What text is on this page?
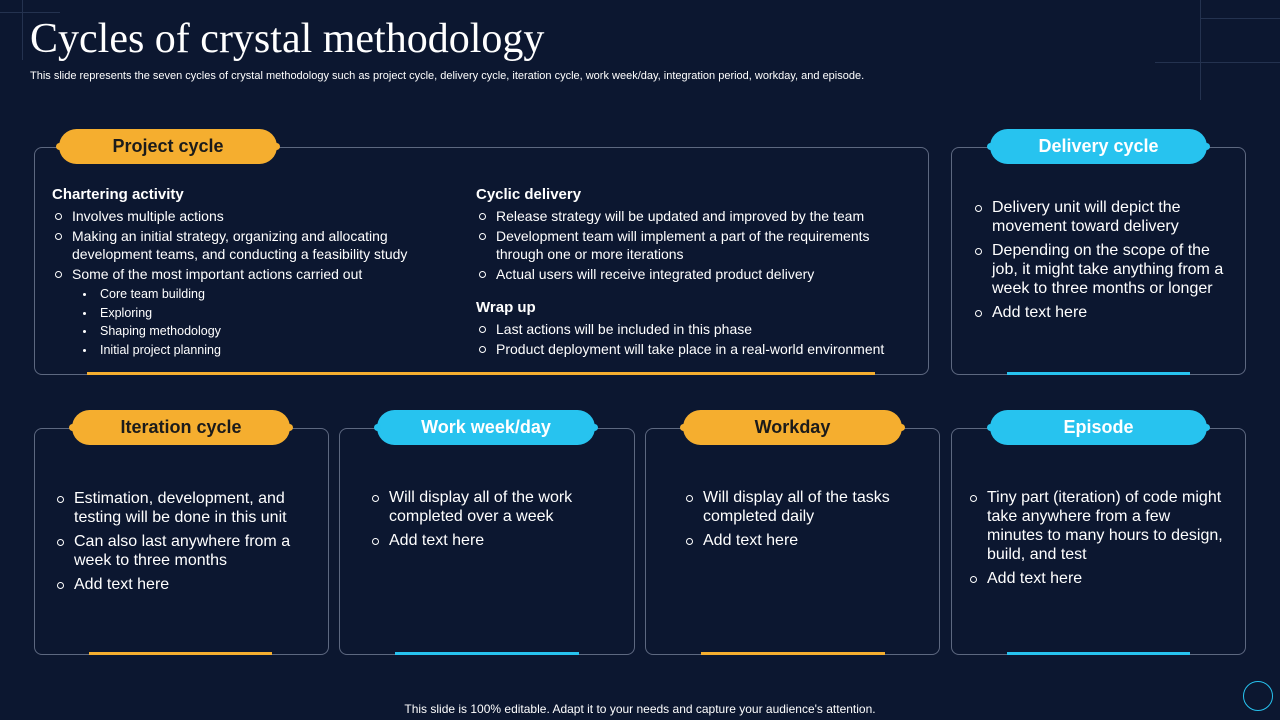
Cycles of crystal methodology

This slide represents the seven cycles of crystal methodology such as project cycle, delivery cycle, iteration cycle, work week/day, integration period, workday, and episode.

Project cycle

Chartering activity

Involves multiple actions
Making an initial strategy, organizing and allocating development teams, and conducting a feasibility study
Some of the most important actions carried out
Core team building
Exploring
Shaping methodology
Initial project planning

Cyclic delivery

Release strategy will be updated and improved by the team
Development team will implement a part of the requirements through one or more iterations
Actual users will receive integrated product delivery

Wrap up

Last actions will be included in this phase
Product deployment will take place in a real-world environment
Delivery cycle
Delivery unit will depict the movement toward delivery
Depending on the scope of the job, it might take anything from a week to three months or longer
Add text here
Iteration cycle
Estimation, development, and testing will be done in this unit
Can also last anywhere from a week to three months
Add text here
Work week/day
Will display all of the work completed over a week
Add text here
Workday
Will display all of the tasks completed daily
Add text here
Episode
Tiny part (iteration) of code might take anywhere from a few minutes to many hours to design, build, and test
Add text here
This slide is 100% editable. Adapt it to your needs and capture your audience's attention.
